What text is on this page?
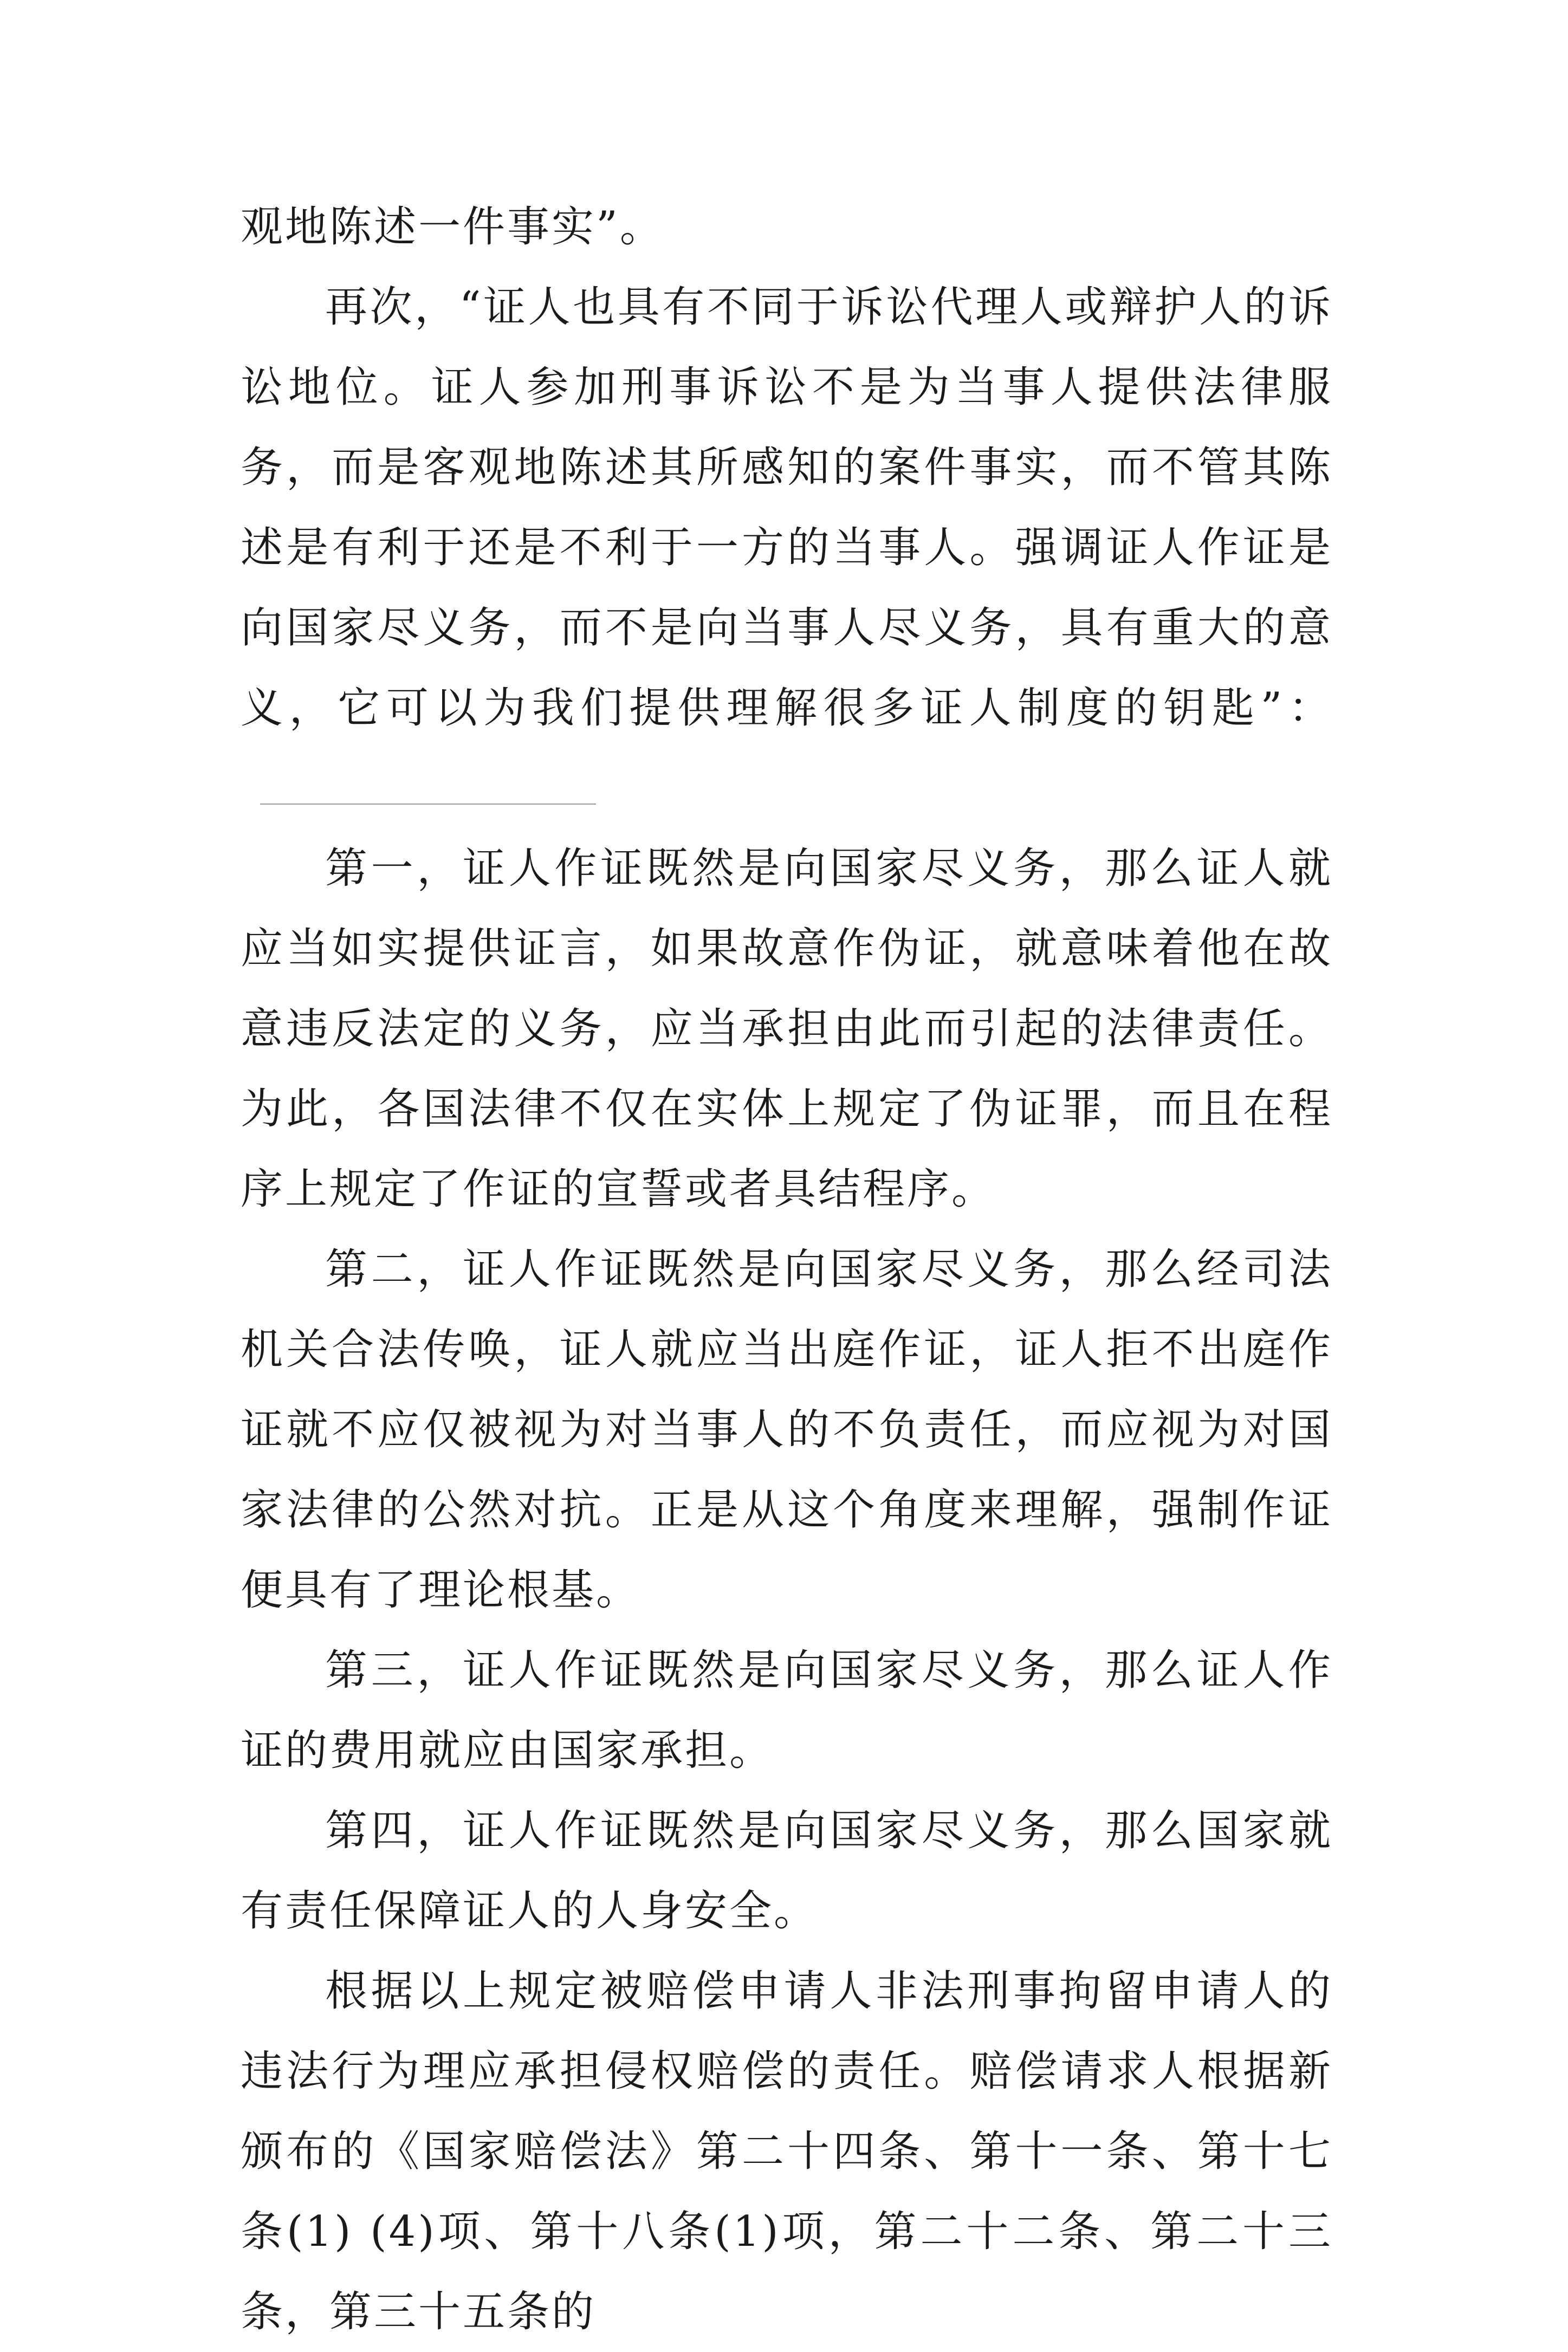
观地陈述一件事实”。

再次，“证人也具有不同于诉讼代理人或辩护人的诉讼地位。证人参加刑事诉讼不是为当事人提供法律服务，而是客观地陈述其所感知的案件事实，而不管其陈述是有利于还是不利于一方的当事人。强调证人作证是向国家尽义务，而不是向当事人尽义务，具有重大的意义，它可以为我们提供理解很多证人制度的钥匙”：

第一，证人作证既然是向国家尽义务，那么证人就应当如实提供证言，如果故意作伪证，就意味着他在故意违反法定的义务，应当承担由此而引起的法律责任。为此，各国法律不仅在实体上规定了伪证罪，而且在程序上规定了作证的宣誓或者具结程序。

第二，证人作证既然是向国家尽义务，那么经司法机关合法传唤，证人就应当出庭作证，证人拒不出庭作证就不应仅被视为对当事人的不负责任，而应视为对国家法律的公然对抗。正是从这个角度来理解，强制作证便具有了理论根基。

第三，证人作证既然是向国家尽义务，那么证人作证的费用就应由国家承担。

第四，证人作证既然是向国家尽义务，那么国家就有责任保障证人的人身安全。

根据以上规定被赔偿申请人非法刑事拘留申请人的违法行为理应承担侵权赔偿的责任。赔偿请求人根据新颁布的《国家赔偿法》第二十四条、第十一条、第十七条(1) (4)项、第十八条(1)项，第二十二条、第二十三条，第三十五条的
